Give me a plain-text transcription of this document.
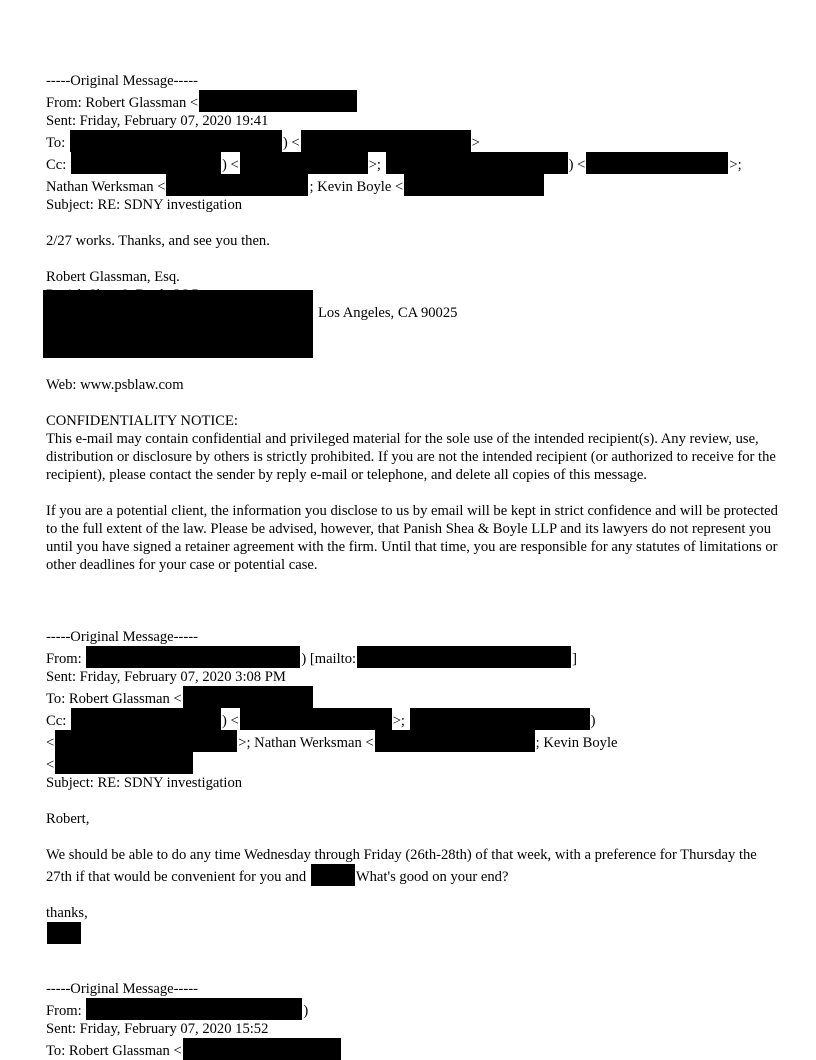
-----Original Message-----
From: Robert Glassman <
Sent: Friday, February 07, 2020 19:41
To:	) <	>
Cc:	) <	>;	) <	>;
Nathan Werksman <	; Kevin Boyle <
Subject: RE: SDNY investigation
2/27 works. Thanks, and see you then.
Robert Glassman, Esq.
Los Angeles, CA 90025
Web: www.psblaw.com
CONFIDENTIALITY NOTICE:
This e-mail may contain confidential and privileged material for the sole use of the intended recipient(s). Any review, use, distribution or disclosure by others is strictly prohibited. If you are not the intended recipient (or authorized to receive for the recipient), please contact the sender by reply e-mail or telephone, and delete all copies of this message.
If you are a potential client, the information you disclose to us by email will be kept in strict confidence and will be protected to the full extent of the law. Please be advised, however, that Panish Shea & Boyle LLP and its lawyers do not represent you until you have signed a retainer agreement with the firm. Until that time, you are responsible for any statutes of limitations or other deadlines for your case or potential case.
-----Original Message-----
From:	) [mailto:	]
Sent: Friday, February 07, 2020 3:08 PM
To: Robert Glassman <
Cc:	) <	>;	)
<	>; Nathan Werksman <	; Kevin Boyle
<
Subject: RE: SDNY investigation
Robert,
We should be able to do any time Wednesday through Friday (26th-28th) of that week, with a preference for Thursday the 27th if that would be convenient for you and	What's good on your end?
thanks,
-----Original Message-----
From:	)
Sent: Friday, February 07, 2020 15:52
To: Robert Glassman <
